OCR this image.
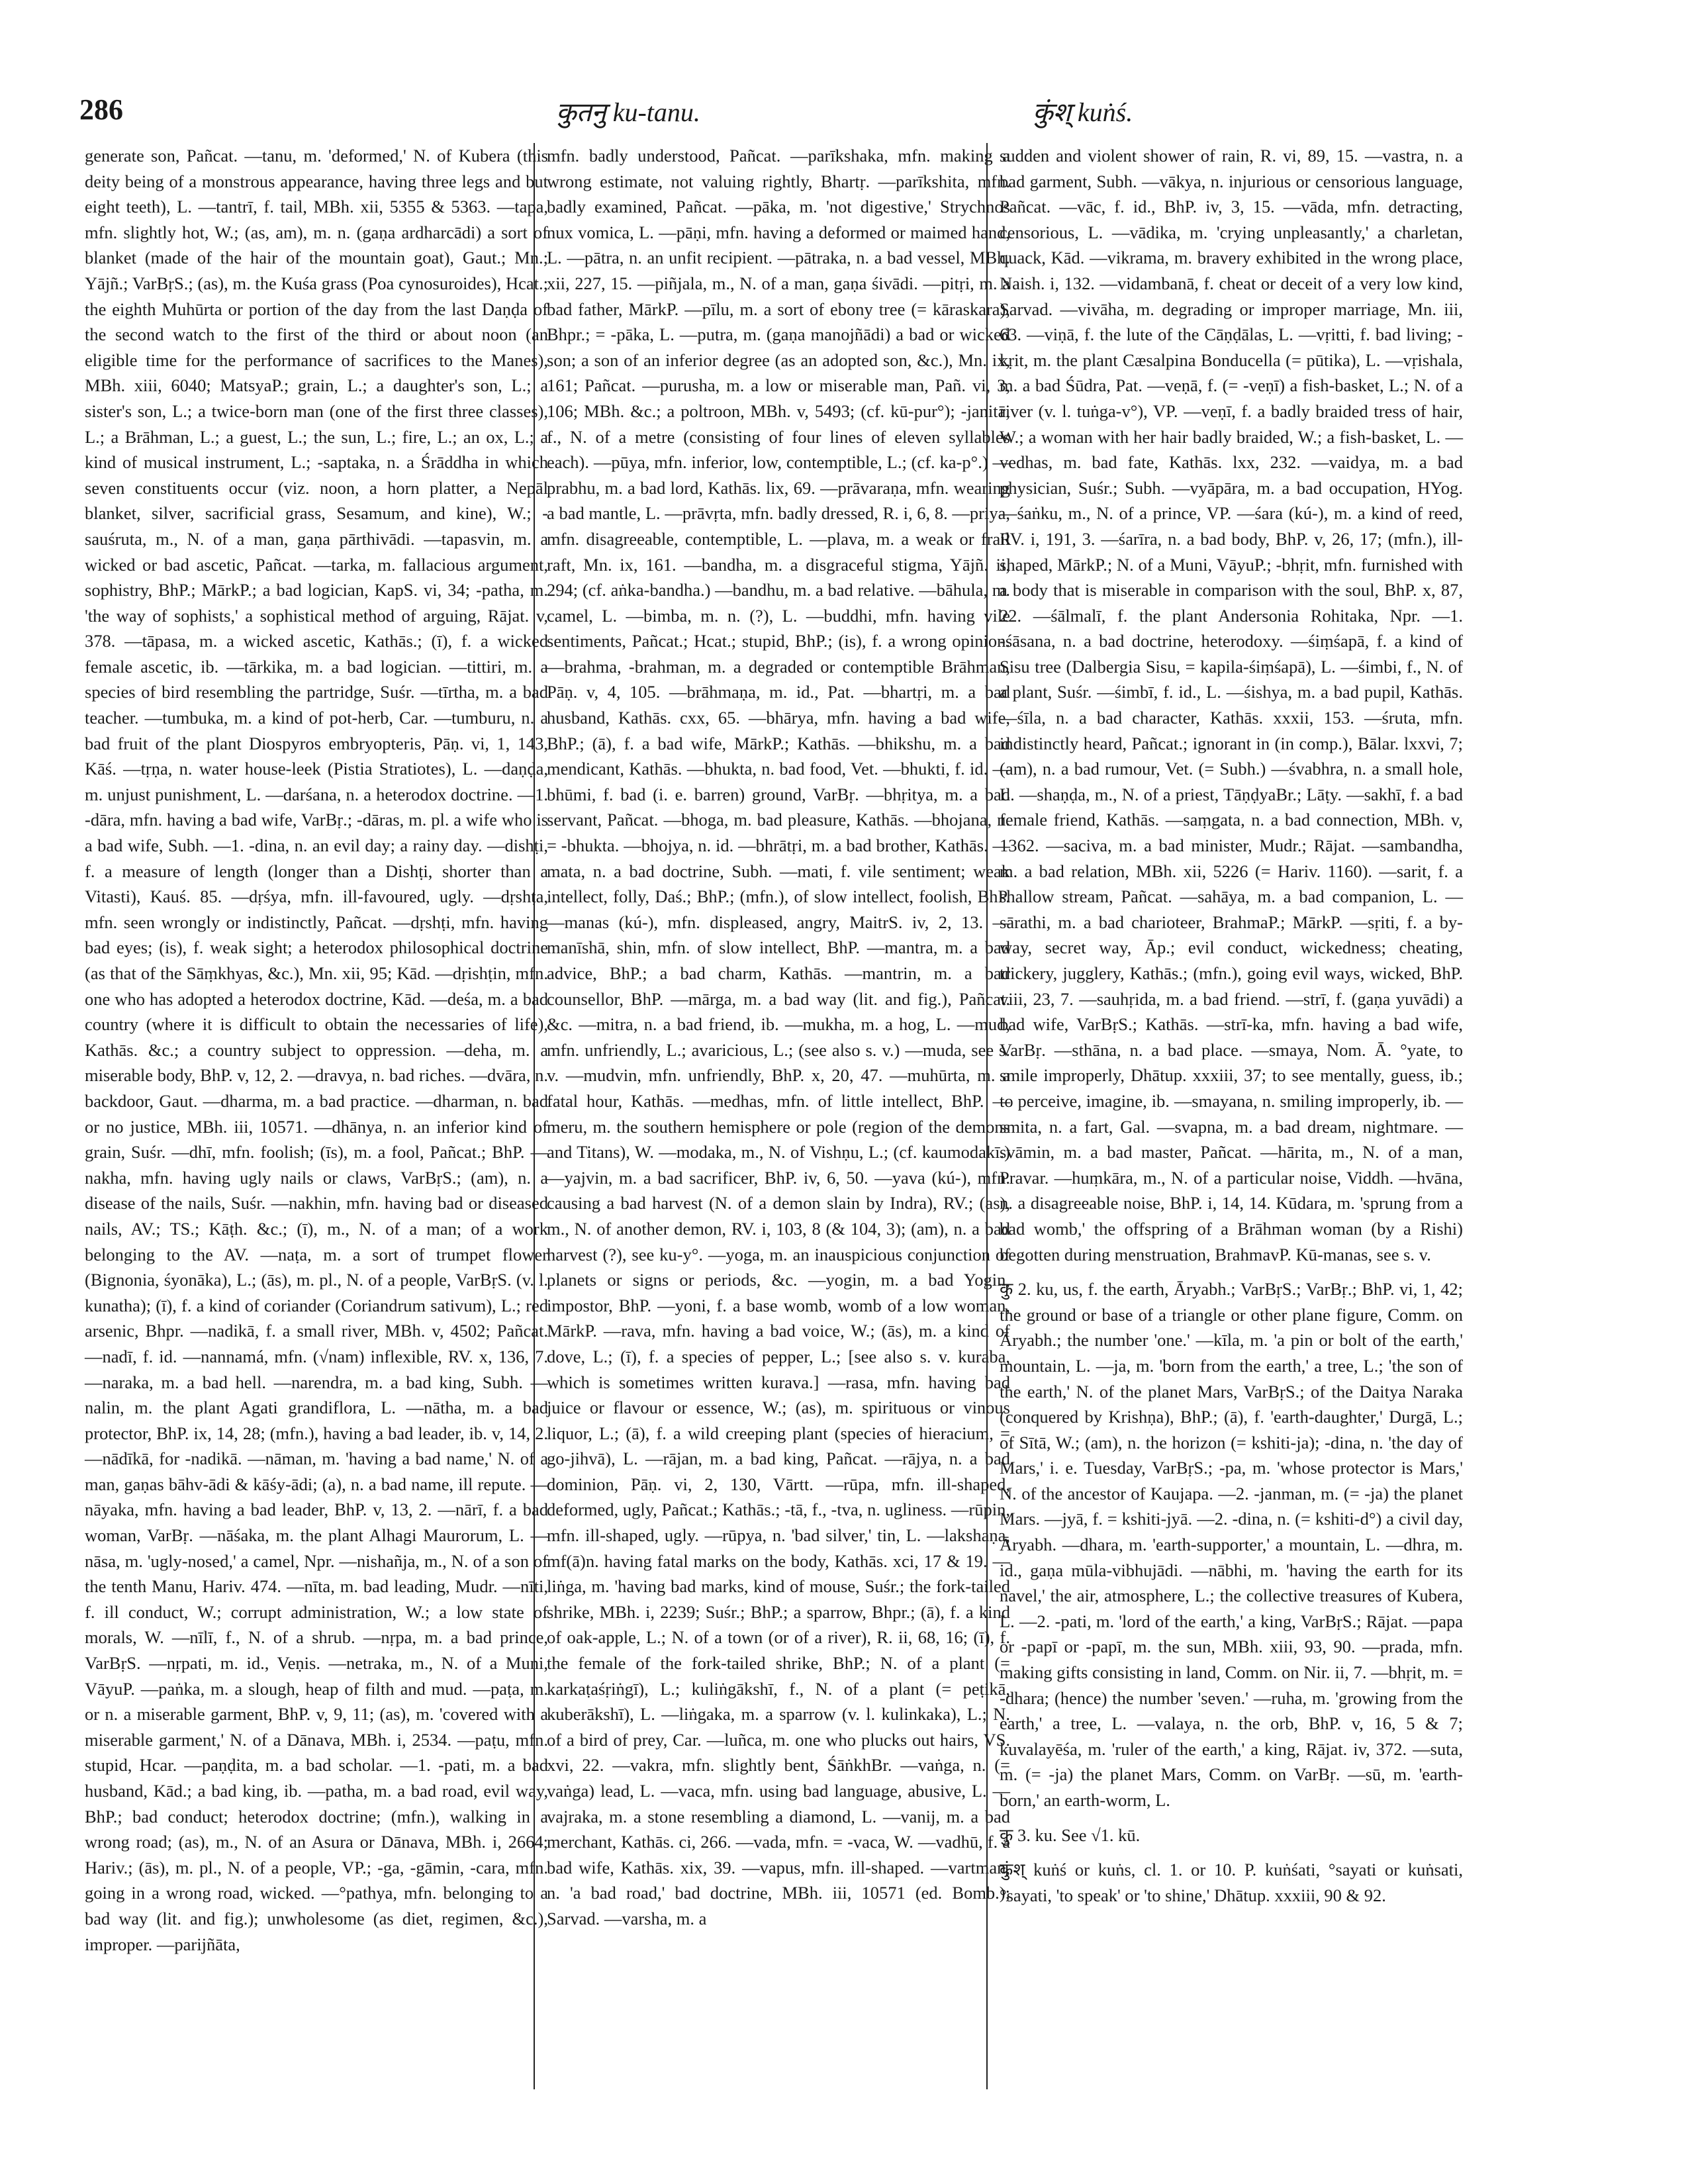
286	कुतनु ku-tanu.	कुंश् kuṅś.

generate son, Pañcat. —tanu, m. 'deformed,' N. of Kubera (this deity being of a monstrous appearance, having three legs and but eight teeth), L. —tantrī, f. tail, MBh. xii, 5355 & 5363. —tapa, mfn. slightly hot, W.; (as, am), m. n. (gaṇa ardharcādi) a sort of blanket (made of the hair of the mountain goat), Gaut.; Mn.; Yājñ.; VarBṛS.; (as), m. the Kuśa grass (Poa cynosuroides), Hcat.; the eighth Muhūrta or portion of the day from the last Daṇḍa of the second watch to the first of the third or about noon (an eligible time for the performance of sacrifices to the Manes), MBh. xiii, 6040; MatsyaP.; grain, L.; a daughter's son, L.; a sister's son, L.; a twice-born man (one of the first three classes), L.; a Brāhman, L.; a guest, L.; the sun, L.; fire, L.; an ox, L.; a kind of musical instrument, L.; -saptaka, n. a Śrāddha in which seven constituents occur (viz. noon, a horn platter, a Nepāl blanket, silver, sacrificial grass, Sesamum, and kine), W.; -sauśruta, m., N. of a man, gaṇa pārthivādi. —tapasvin, m. a wicked or bad ascetic, Pañcat. —tarka, m. fallacious argument, sophistry, BhP.; MārkP.; a bad logician, KapS. vi, 34; -patha, m. 'the way of sophists,' a sophistical method of arguing, Rājat. v, 378. —tāpasa, m. a wicked ascetic, Kathās.; (ī), f. a wicked female ascetic, ib. —tārkika, m. a bad logician. —tittiri, m. a species of bird resembling the partridge, Suśr. —tīrtha, m. a bad teacher. —tumbuka, m. a kind of pot-herb, Car. —tumburu, n. a bad fruit of the plant Diospyros embryopteris, Pāṇ. vi, 1, 143, Kāś. —tṛṇa, n. water house-leek (Pistia Stratiotes), L. —daṇḍa, m. unjust punishment, L. —darśana, n. a heterodox doctrine. —1. -dāra, mfn. having a bad wife, VarBṛ.; -dāras, m. pl. a wife who is a bad wife, Subh. —1. -dina, n. an evil day; a rainy day. —dishṭi, f. a measure of length (longer than a Dishṭi, shorter than a Vitasti), Kauś. 85. —dṛśya, mfn. ill-favoured, ugly. —dṛshṭa, mfn. seen wrongly or indistinctly, Pañcat. —dṛshṭi, mfn. having bad eyes; (is), f. weak sight; a heterodox philosophical doctrine (as that of the Sāṃkhyas, &c.), Mn. xii, 95; Kād. —dṛishṭin, mfn. one who has adopted a heterodox doctrine, Kād. —deśa, m. a bad country (where it is difficult to obtain the necessaries of life), Kathās. &c.; a country subject to oppression. —deha, m. a miserable body, BhP. v, 12, 2. —dravya, n. bad riches. —dvāra, n. backdoor, Gaut. —dharma, m. a bad practice. —dharman, n. bad or no justice, MBh. iii, 10571. —dhānya, n. an inferior kind of grain, Suśr. —dhī, mfn. foolish; (īs), m. a fool, Pañcat.; BhP. —nakha, mfn. having ugly nails or claws, VarBṛS.; (am), n. a disease of the nails, Suśr. —nakhin, mfn. having bad or diseased nails, AV.; TS.; Kāṭh. &c.; (ī), m., N. of a man; of a work belonging to the AV. —naṭa, m. a sort of trumpet flower (Bignonia, śyonāka), L.; (ās), m. pl., N. of a people, VarBṛS. (v. l. kunatha); (ī), f. a kind of coriander (Coriandrum sativum), L.; red arsenic, Bhpr. —nadikā, f. a small river, MBh. v, 4502; Pañcat. —nadī, f. id. —nannamá, mfn. (√nam) inflexible, RV. x, 136, 7. —naraka, m. a bad hell. —narendra, m. a bad king, Subh. —nalin, m. the plant Agati grandiflora, L. —nātha, m. a bad protector, BhP. ix, 14, 28; (mfn.), having a bad leader, ib. v, 14, 2. —nādīkā, for -nadikā. —nāman, m. 'having a bad name,' N. of a man, gaṇas bāhv-ādi & kāśy-ādi; (a), n. a bad name, ill repute. —nāyaka, mfn. having a bad leader, BhP. v, 13, 2. —nārī, f. a bad woman, VarBṛ. —nāśaka, m. the plant Alhagi Maurorum, L. —nāsa, m. 'ugly-nosed,' a camel, Npr. —nishañja, m., N. of a son of the tenth Manu, Hariv. 474. —nīta, m. bad leading, Mudr. —nīti, f. ill conduct, W.; corrupt administration, W.; a low state of morals, W. —nīlī, f., N. of a shrub. —nṛpa, m. a bad prince, VarBṛS. —nṛpati, m. id., Veṇis. —netraka, m., N. of a Muni, VāyuP. —paṅka, m. a slough, heap of filth and mud. —paṭa, m. or n. a miserable garment, BhP. v, 9, 11; (as), m. 'covered with a miserable garment,' N. of a Dānava, MBh. i, 2534. —paṭu, mfn. stupid, Hcar. —paṇḍita, m. a bad scholar. —1. -pati, m. a bad husband, Kād.; a bad king, ib. —patha, m. a bad road, evil way, BhP.; bad conduct; heterodox doctrine; (mfn.), walking in a wrong road; (as), m., N. of an Asura or Dānava, MBh. i, 2664; Hariv.; (ās), m. pl., N. of a people, VP.; -ga, -gāmin, -cara, mfn. going in a wrong road, wicked. —°pathya, mfn. belonging to a bad way (lit. and fig.); unwholesome (as diet, regimen, &c.), improper. —parijñāta,

mfn. badly understood, Pañcat. —parīkshaka, mfn. making a wrong estimate, not valuing rightly, Bhartṛ. —parīkshita, mfn. badly examined, Pañcat. —pāka, m. 'not digestive,' Strychnos nux vomica, L. —pāṇi, mfn. having a deformed or maimed hand, L. —pātra, n. an unfit recipient. —pātraka, n. a bad vessel, MBh. xii, 227, 15. —piñjala, m., N. of a man, gaṇa śivādi. —pitṛi, m. a bad father, MārkP. —pīlu, m. a sort of ebony tree (= kāraskara), Bhpr.; = -pāka, L. —putra, m. (gaṇa manojñādi) a bad or wicked son; a son of an inferior degree (as an adopted son, &c.), Mn. ix, 161; Pañcat. —purusha, m. a low or miserable man, Pañ. vi, 3, 106; MBh. &c.; a poltroon, MBh. v, 5493; (cf. kū-pur°); -janitā, f., N. of a metre (consisting of four lines of eleven syllables each). —pūya, mfn. inferior, low, contemptible, L.; (cf. ka-p°.) —prabhu, m. a bad lord, Kathās. lix, 69. —prāvaraṇa, mfn. wearing a bad mantle, L. —prāvṛta, mfn. badly dressed, R. i, 6, 8. —priya, mfn. disagreeable, contemptible, L. —plava, m. a weak or frail raft, Mn. ix, 161. —bandha, m. a disgraceful stigma, Yājñ. ii, 294; (cf. aṅka-bandha.) —bandhu, m. a bad relative. —bāhula, m. camel, L. —bimba, m. n. (?), L. —buddhi, mfn. having vile sentiments, Pañcat.; Hcat.; stupid, BhP.; (is), f. a wrong opinion. —brahma, -brahman, m. a degraded or contemptible Brāhman, Pāṇ. v, 4, 105. —brāhmaṇa, m. id., Pat. —bhartṛi, m. a bad husband, Kathās. cxx, 65. —bhārya, mfn. having a bad wife, BhP.; (ā), f. a bad wife, MārkP.; Kathās. —bhikshu, m. a bad mendicant, Kathās. —bhukta, n. bad food, Vet. —bhukti, f. id. —bhūmi, f. bad (i. e. barren) ground, VarBṛ. —bhṛitya, m. a bad servant, Pañcat. —bhoga, m. bad pleasure, Kathās. —bhojana, n. = -bhukta. —bhojya, n. id. —bhrātṛi, m. a bad brother, Kathās. —mata, n. a bad doctrine, Subh. —mati, f. vile sentiment; weak intellect, folly, Daś.; BhP.; (mfn.), of slow intellect, foolish, BhP. —manas (kú-), mfn. displeased, angry, MaitrS. iv, 2, 13. —manīshā, shin, mfn. of slow intellect, BhP. —mantra, m. a bad advice, BhP.; a bad charm, Kathās. —mantrin, m. a bad counsellor, BhP. —mārga, m. a bad way (lit. and fig.), Pañcat. &c. —mitra, n. a bad friend, ib. —mukha, m. a hog, L. —mud, mfn. unfriendly, L.; avaricious, L.; (see also s. v.) —muda, see s. v. —mudvin, mfn. unfriendly, BhP. x, 20, 47. —muhūrta, m. a fatal hour, Kathās. —medhas, mfn. of little intellect, BhP. —meru, m. the southern hemisphere or pole (region of the demons and Titans), W. —modaka, m., N. of Vishṇu, L.; (cf. kaumodakī.) —yajvin, m. a bad sacrificer, BhP. iv, 6, 50. —yava (kú-), mfn. causing a bad harvest (N. of a demon slain by Indra), RV.; (as), m., N. of another demon, RV. i, 103, 8 (& 104, 3); (am), n. a bad harvest (?), see ku-y°. —yoga, m. an inauspicious conjunction of planets or signs or periods, &c. —yogin, m. a bad Yogin, impostor, BhP. —yoni, f. a base womb, womb of a low woman, MārkP. —rava, mfn. having a bad voice, W.; (ās), m. a kind of dove, L.; (ī), f. a species of pepper, L.; [see also s. v. kuraba, which is sometimes written kurava.] —rasa, mfn. having bad juice or flavour or essence, W.; (as), m. spirituous or vinous liquor, L.; (ā), f. a wild creeping plant (species of hieracium, = go-jihvā), L. —rājan, m. a bad king, Pañcat. —rājya, n. a bad dominion, Pāṇ. vi, 2, 130, Vārtt. —rūpa, mfn. ill-shaped, deformed, ugly, Pañcat.; Kathās.; -tā, f., -tva, n. ugliness. —rūpin, mfn. ill-shaped, ugly. —rūpya, n. 'bad silver,' tin, L. —lakshaṇa, mf(ā)n. having fatal marks on the body, Kathās. xci, 17 & 19. —liṅga, m. 'having bad marks, kind of mouse, Suśr.; the fork-tailed shrike, MBh. i, 2239; Suśr.; BhP.; a sparrow, Bhpr.; (ā), f. a kind of oak-apple, L.; N. of a town (or of a river), R. ii, 68, 16; (ī), f. the female of the fork-tailed shrike, BhP.; N. of a plant (= karkaṭaśṛiṅgī), L.; kuliṅgākshī, f., N. of a plant (= peṭikā, kuberākshī), L. —liṅgaka, m. a sparrow (v. l. kulinkaka), L.; N. of a bird of prey, Car. —luñca, m. one who plucks out hairs, VS. xvi, 22. —vakra, mfn. slightly bent, ŚāṅkhBr. —vaṅga, n. (= vaṅga) lead, L. —vaca, mfn. using bad language, abusive, L. —vajraka, m. a stone resembling a diamond, L. —vanij, m. a bad merchant, Kathās. ci, 266. —vada, mfn. = -vaca, W. —vadhū, f. a bad wife, Kathās. xix, 39. —vapus, mfn. ill-shaped. —vartman, n. 'a bad road,' bad doctrine, MBh. iii, 10571 (ed. Bomb.); Sarvad. —varsha, m. a

sudden and violent shower of rain, R. vi, 89, 15. —vastra, n. a bad garment, Subh. —vākya, n. injurious or censorious language, Pañcat. —vāc, f. id., BhP. iv, 3, 15. —vāda, mfn. detracting, censorious, L. —vādika, m. 'crying unpleasantly,' a charletan, quack, Kād. —vikrama, m. bravery exhibited in the wrong place, Naish. i, 132. —vidambanā, f. cheat or deceit of a very low kind, Sarvad. —vivāha, m. degrading or improper marriage, Mn. iii, 63. —viṇā, f. the lute of the Cāṇḍālas, L. —vṛitti, f. bad living; -kṛit, m. the plant Cæsalpina Bonducella (= pūtika), L. —vṛishala, m. a bad Śūdra, Pat. —veṇā, f. (= -veṇī) a fish-basket, L.; N. of a river (v. l. tuṅga-v°), VP. —veṇī, f. a badly braided tress of hair, W.; a woman with her hair badly braided, W.; a fish-basket, L. —vedhas, m. bad fate, Kathās. lxx, 232. —vaidya, m. a bad physician, Suśr.; Subh. —vyāpāra, m. a bad occupation, HYog. —śaṅku, m., N. of a prince, VP. —śara (kú-), m. a kind of reed, RV. i, 191, 3. —śarīra, n. a bad body, BhP. v, 26, 17; (mfn.), ill-shaped, MārkP.; N. of a Muni, VāyuP.; -bhṛit, mfn. furnished with a body that is miserable in comparison with the soul, BhP. x, 87, 22. —śālmalī, f. the plant Andersonia Rohitaka, Npr. —1. -śāsana, n. a bad doctrine, heterodoxy. —śiṃśapā, f. a kind of Sisu tree (Dalbergia Sisu, = kapila-śiṃśapā), L. —śimbi, f., N. of a plant, Suśr. —śimbī, f. id., L. —śishya, m. a bad pupil, Kathās. —śīla, n. a bad character, Kathās. xxxii, 153. —śruta, mfn. indistinctly heard, Pañcat.; ignorant in (in comp.), Bālar. lxxvi, 7; (am), n. a bad rumour, Vet. (= Subh.) —śvabhra, n. a small hole, L. —shaṇḍa, m., N. of a priest, TāṇḍyaBr.; Lāṭy. —sakhī, f. a bad female friend, Kathās. —saṃgata, n. a bad connection, MBh. v, 1362. —saciva, m. a bad minister, Mudr.; Rājat. —sambandha, m. a bad relation, MBh. xii, 5226 (= Hariv. 1160). —sarit, f. a shallow stream, Pañcat. —sahāya, m. a bad companion, L. —sārathi, m. a bad charioteer, BrahmaP.; MārkP. —sṛiti, f. a by-way, secret way, Āp.; evil conduct, wickedness; cheating, trickery, jugglery, Kathās.; (mfn.), going evil ways, wicked, BhP. viii, 23, 7. —sauhṛida, m. a bad friend. —strī, f. (gaṇa yuvādi) a bad wife, VarBṛS.; Kathās. —strī-ka, mfn. having a bad wife, VarBṛ. —sthāna, n. a bad place. —smaya, Nom. Ā. °yate, to smile improperly, Dhātup. xxxiii, 37; to see mentally, guess, ib.; to perceive, imagine, ib. —smayana, n. smiling improperly, ib. —smita, n. a fart, Gal. —svapna, m. a bad dream, nightmare. —svāmin, m. a bad master, Pañcat. —hārita, m., N. of a man, Pravar. —huṃkāra, m., N. of a particular noise, Viddh. —hvāna, n. a disagreeable noise, BhP. i, 14, 14. Kūdara, m. 'sprung from a bad womb,' the offspring of a Brāhman woman (by a Rishi) begotten during menstruation, BrahmavP. Kū-manas, see s. v.

कु 2. ku, us, f. the earth, Āryabh.; VarBṛS.; VarBṛ.; BhP. vi, 1, 42; the ground or base of a triangle or other plane figure, Comm. on Āryabh.; the number 'one.' —kīla, m. 'a pin or bolt of the earth,' mountain, L. —ja, m. 'born from the earth,' a tree, L.; 'the son of the earth,' N. of the planet Mars, VarBṛS.; of the Daitya Naraka (conquered by Krishṇa), BhP.; (ā), f. 'earth-daughter,' Durgā, L.; of Sītā, W.; (am), n. the horizon (= kshiti-ja); -dina, n. 'the day of Mars,' i. e. Tuesday, VarBṛS.; -pa, m. 'whose protector is Mars,' N. of the ancestor of Kaujapa. —2. -janman, m. (= -ja) the planet Mars. —jyā, f. = kshiti-jyā. —2. -dina, n. (= kshiti-d°) a civil day, Āryabh. —dhara, m. 'earth-supporter,' a mountain, L. —dhra, m. id., gaṇa mūla-vibhujādi. —nābhi, m. 'having the earth for its navel,' the air, atmosphere, L.; the collective treasures of Kubera, L. —2. -pati, m. 'lord of the earth,' a king, VarBṛS.; Rājat. —papa or -papī or -papī, m. the sun, MBh. xiii, 93, 90. —prada, mfn. making gifts consisting in land, Comm. on Nir. ii, 7. —bhṛit, m. = -dhara; (hence) the number 'seven.' —ruha, m. 'growing from the earth,' a tree, L. —valaya, n. the orb, BhP. v, 16, 5 & 7; kuvalayēśa, m. 'ruler of the earth,' a king, Rājat. iv, 372. —suta, m. (= -ja) the planet Mars, Comm. on VarBṛ. —sū, m. 'earth-born,' an earth-worm, L.

कु 3. ku. See √1. kū.

कुंश् kuṅś or kuṅs, cl. 1. or 10. P. kuṅśati, °sayati or kuṅsati, °sayati, 'to speak' or 'to shine,' Dhātup. xxxiii, 90 & 92.
